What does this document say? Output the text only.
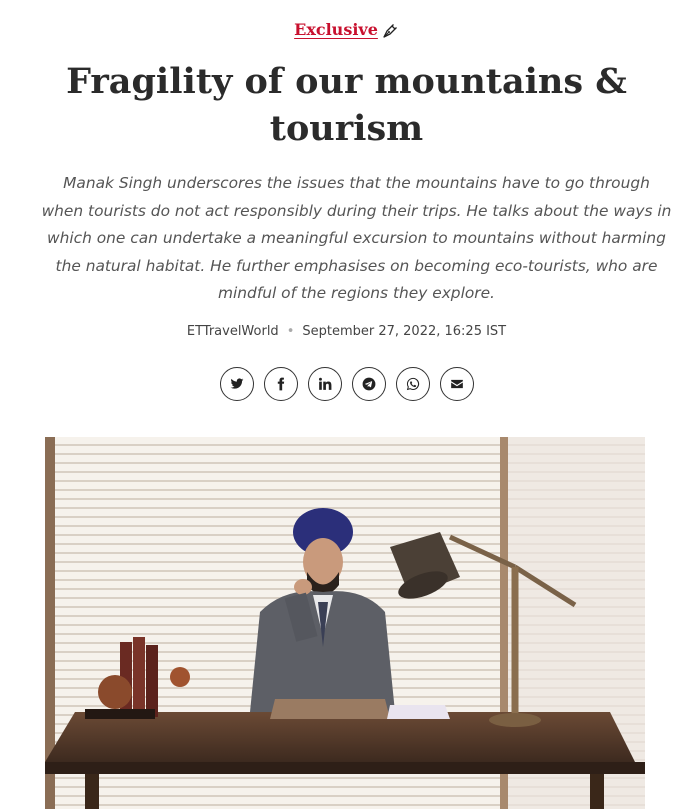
Exclusive
Fragility of our mountains & tourism

Manak Singh underscores the issues that the mountains have to go through when tourists do not act responsibly during their trips. He talks about the ways in which one can undertake a meaningful excursion to mountains without harming the natural habitat. He further emphasises on becoming eco-tourists, who are mindful of the regions they explore.

ETTravelWorld • September 27, 2022, 16:25 IST
